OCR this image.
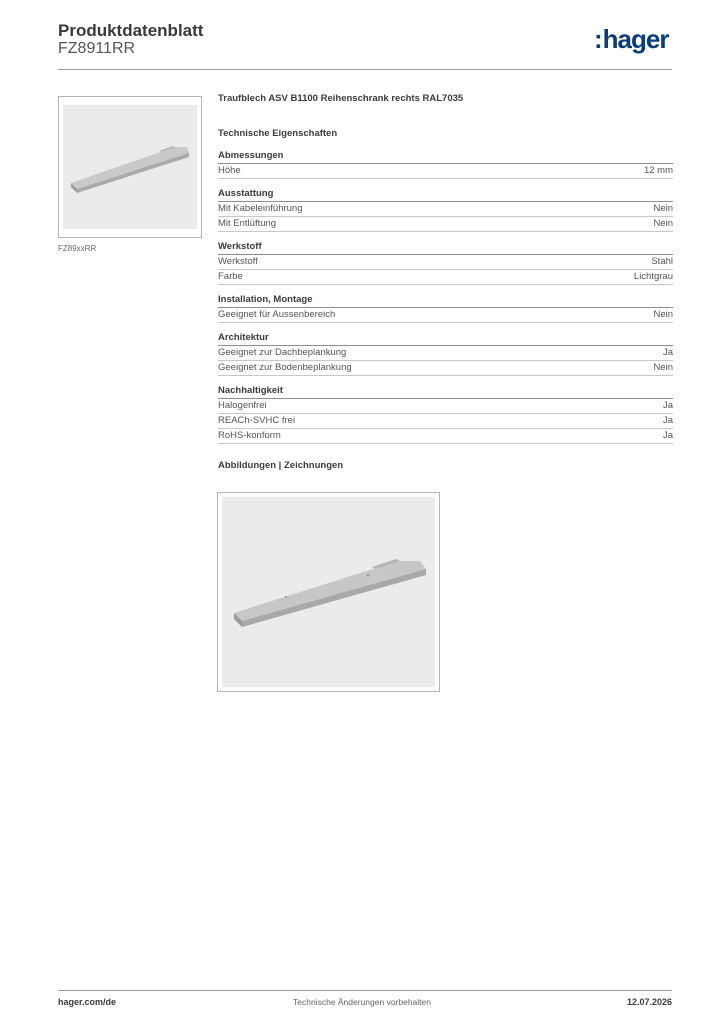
Produktdatenblatt
FZ8911RR	:hager
FZ89xxRR

Traufblech ASV B1100 Reihenschrank rechts RAL7035

Technische Eigenschaften

Abmessungen
Höhe	12 mm
Ausstattung
Mit Kabeleinführung	Nein
Mit Entlüftung	Nein
Werkstoff
Werkstoff	Stahl
Farbe	Lichtgrau
Installation, Montage
Geeignet für Aussenbereich	Nein
Architektur
Geeignet zur Dachbeplankung	Ja
Geeignet zur Bodenbeplankung	Nein
Nachhaltigkeit
Halogenfrei	Ja
REACh-SVHC frei	Ja
RoHS-konform	Ja
Abbildungen | Zeichnungen
hager.com/de	Technische Änderungen vorbehalten	12.07.2026
